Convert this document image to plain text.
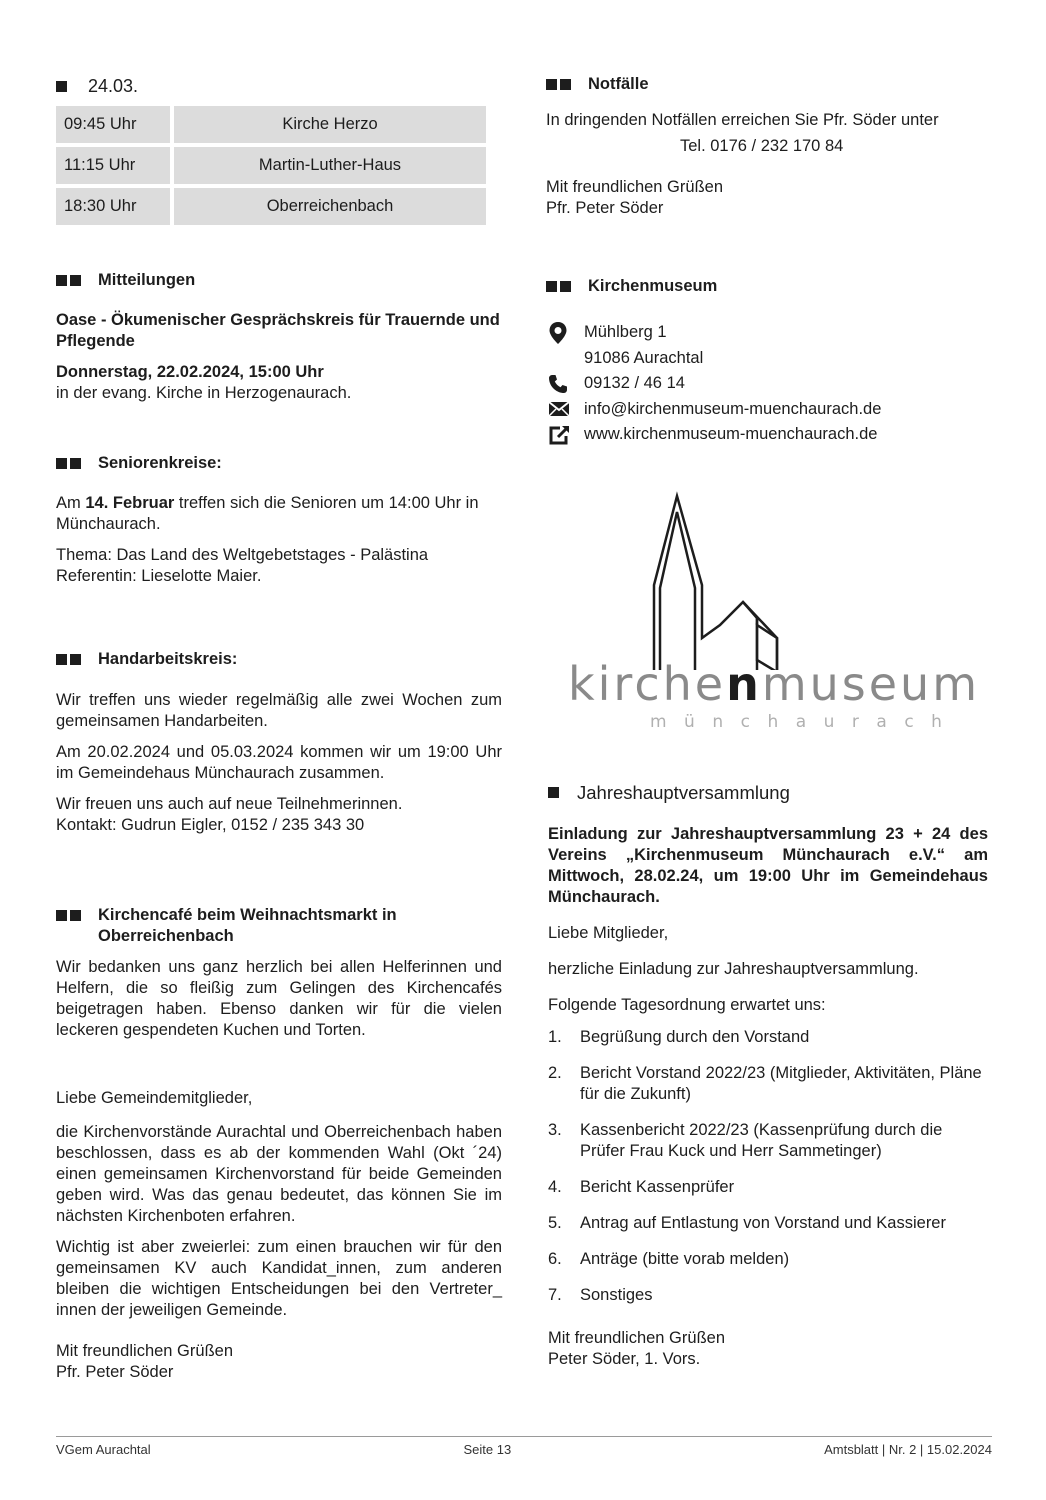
24.03.
09:45 Uhr	Kirche Herzo
11:15 Uhr	Martin-Luther-Haus
18:30 Uhr	Oberreichenbach
Mitteilungen

Oase - Ökumenischer Gesprächskreis für Trauernde und Pflegende

Donnerstag, 22.02.2024, 15:00 Uhr

in der evang. Kirche in Herzogenaurach.

Seniorenkreise:

Am 14. Februar treffen sich die Senioren um 14:00 Uhr in Münchaurach.

Thema: Das Land des Weltgebetstages - Palästina

Referentin: Lieselotte Maier.

Handarbeitskreis:

Wir treffen uns wieder regelmäßig alle zwei Wochen zum gemeinsamen Handarbeiten.

Am 20.02.2024 und 05.03.2024 kommen wir um 19:00 Uhr im Gemeindehaus Münchaurach zusammen.

Wir freuen uns auch auf neue Teilnehmerinnen.

Kontakt: Gudrun Eigler, 0152 / 235 343 30

Kirchencafé beim Weihnachtsmarkt in Oberreichenbach

Wir bedanken uns ganz herzlich bei allen Helferinnen und Helfern, die so fleißig zum Gelingen des Kirchencafés beigetragen haben. Ebenso danken wir für die vielen leckeren gespendeten Kuchen und Torten.

Liebe Gemeindemitglieder,

die Kirchenvorstände Aurachtal und Oberreichenbach haben beschlossen, dass es ab der kommenden Wahl (Okt ´24) einen gemeinsamen Kirchenvorstand für beide Gemeinden geben wird. Was das genau bedeutet, das können Sie im nächsten Kirchenboten erfahren.

Wichtig ist aber zweierlei: zum einen brauchen wir für den gemeinsamen KV auch Kandidat_innen, zum anderen bleiben die wichtigen Entscheidungen bei den Vertreter_ innen der jeweiligen Gemeinde.

Mit freundlichen Grüßen

Pfr. Peter Söder

Notfälle

In dringenden Notfällen erreichen Sie Pfr. Söder unter

Tel. 0176 / 232 170 84

Mit freundlichen Grüßen

Pfr. Peter Söder

Kirchenmuseum
Mühlberg 1
91086 Aurachtal
09132 / 46 14
info@kirchenmuseum-muenchaurach.de
www.kirchenmuseum-muenchaurach.de
kirchenmuseum
münchaurach
Jahreshauptversammlung

Einladung zur Jahreshauptversammlung 23 + 24 des Vereins „Kirchenmuseum Münchaurach e.V.“ am Mittwoch, 28.02.24, um 19:00 Uhr im Gemeindehaus Münchaurach.

Liebe Mitglieder,

herzliche Einladung zur Jahreshauptversammlung.

Folgende Tagesordnung erwartet uns:

1.	Begrüßung durch den Vorstand
2.	Bericht Vorstand 2022/23 (Mitglieder, Aktivitäten, Pläne für die Zukunft)
3.	Kassenbericht 2022/23 (Kassenprüfung durch die Prüfer Frau Kuck und Herr Sammetinger)
4.	Bericht Kassenprüfer
5.	Antrag auf Entlastung von Vorstand und Kassierer
6.	Anträge (bitte vorab melden)
7.	Sonstiges

Mit freundlichen Grüßen

Peter Söder, 1. Vors.

VGem Aurachtal	Seite 13	Amtsblatt | Nr. 2 | 15.02.2024
